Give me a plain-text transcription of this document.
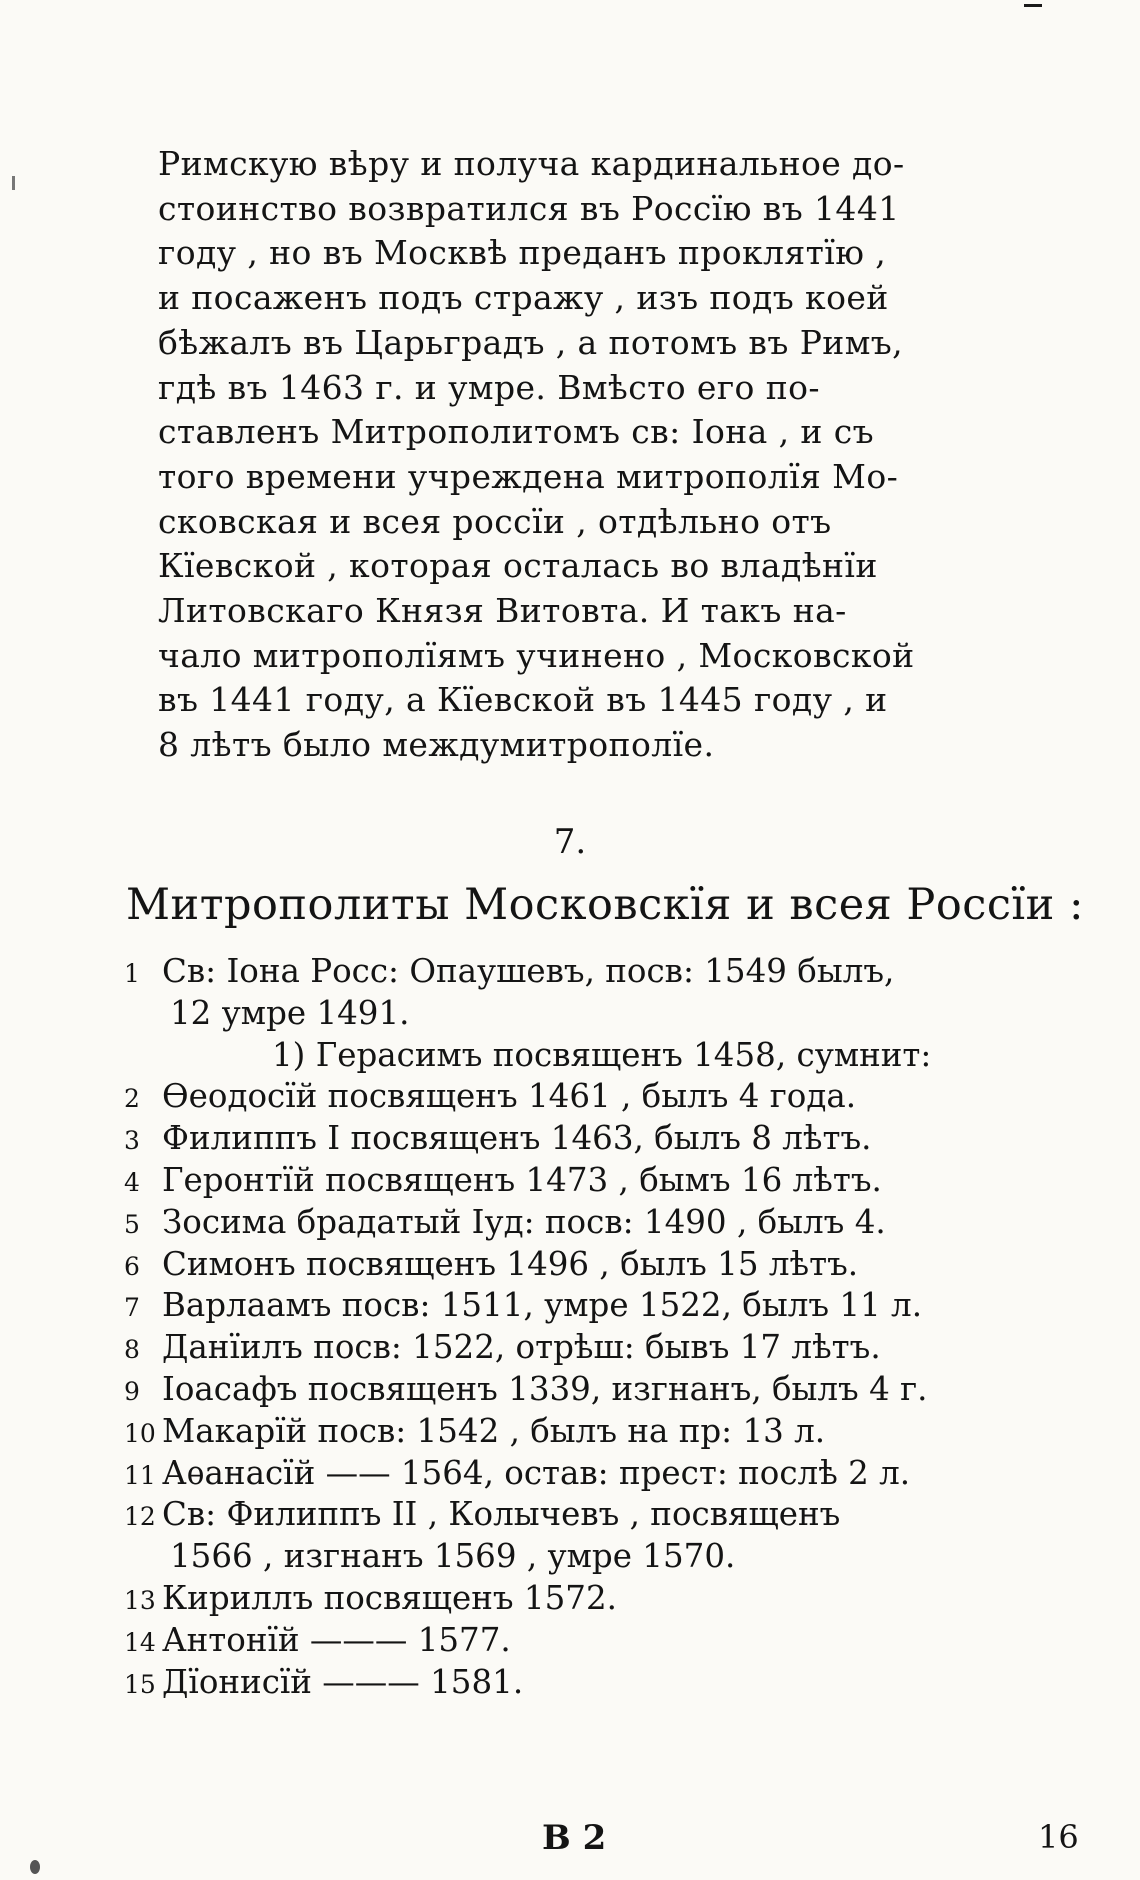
Римскую вѣру и получа кардинальное до-
стоинство возвратился въ Россїю въ 1441
году , но въ Москвѣ преданъ проклятїю ,
и посаженъ подъ стражу , изъ подъ коей
бѣжалъ въ Царьградъ , а потомъ въ Римъ,
гдѣ въ 1463 г. и умре. Вмѣсто его по-
ставленъ Митрополитомъ св: Іона , и съ
того времени учреждена митрополїя Мо-
сковская и всея россїи , отдѣльно отъ
Кїевской , которая осталась во владѣнїи
Литовскаго Князя Витовта. И такъ на-
чало митрополїямъ учинено , Московской
въ 1441 году, а Кїевской въ 1445 году , и
8 лѣтъ было междумитрополїе.
7.
Митрополиты Московскїя и всея Россїи :
1 Св: Іона Росс: Опаушевъ, посв: 1549 былъ,
12 умре 1491.
1) Герасимъ посвященъ 1458, сумнит:
2 Ѳеодосїй посвященъ 1461 , былъ 4 года.
3 Филиппъ I посвященъ 1463, былъ 8 лѣтъ.
4 Геронтїй посвященъ 1473 , бымъ 16 лѣтъ.
5 Зосима брадатый Іуд: посв: 1490 , былъ 4.
6 Симонъ посвященъ 1496 , былъ 15 лѣтъ.
7 Варлаамъ посв: 1511, умре 1522, былъ 11 л.
8 Данїилъ посв: 1522, отрѣш: бывъ 17 лѣтъ.
9 Іоасафъ посвященъ 1339, изгнанъ, былъ 4 г.
10 Макарїй посв: 1542 , былъ на пр: 13 л.
11 Аѳанасїй —— 1564, остав: прест: послѣ 2 л.
12 Св: Филиппъ II , Колычевъ , посвященъ
1566 , изгнанъ 1569 , умре 1570.
13 Кириллъ посвященъ 1572.
14 Антонїй ——— 1577.
15 Дїонисїй ——— 1581.
В 2	16
